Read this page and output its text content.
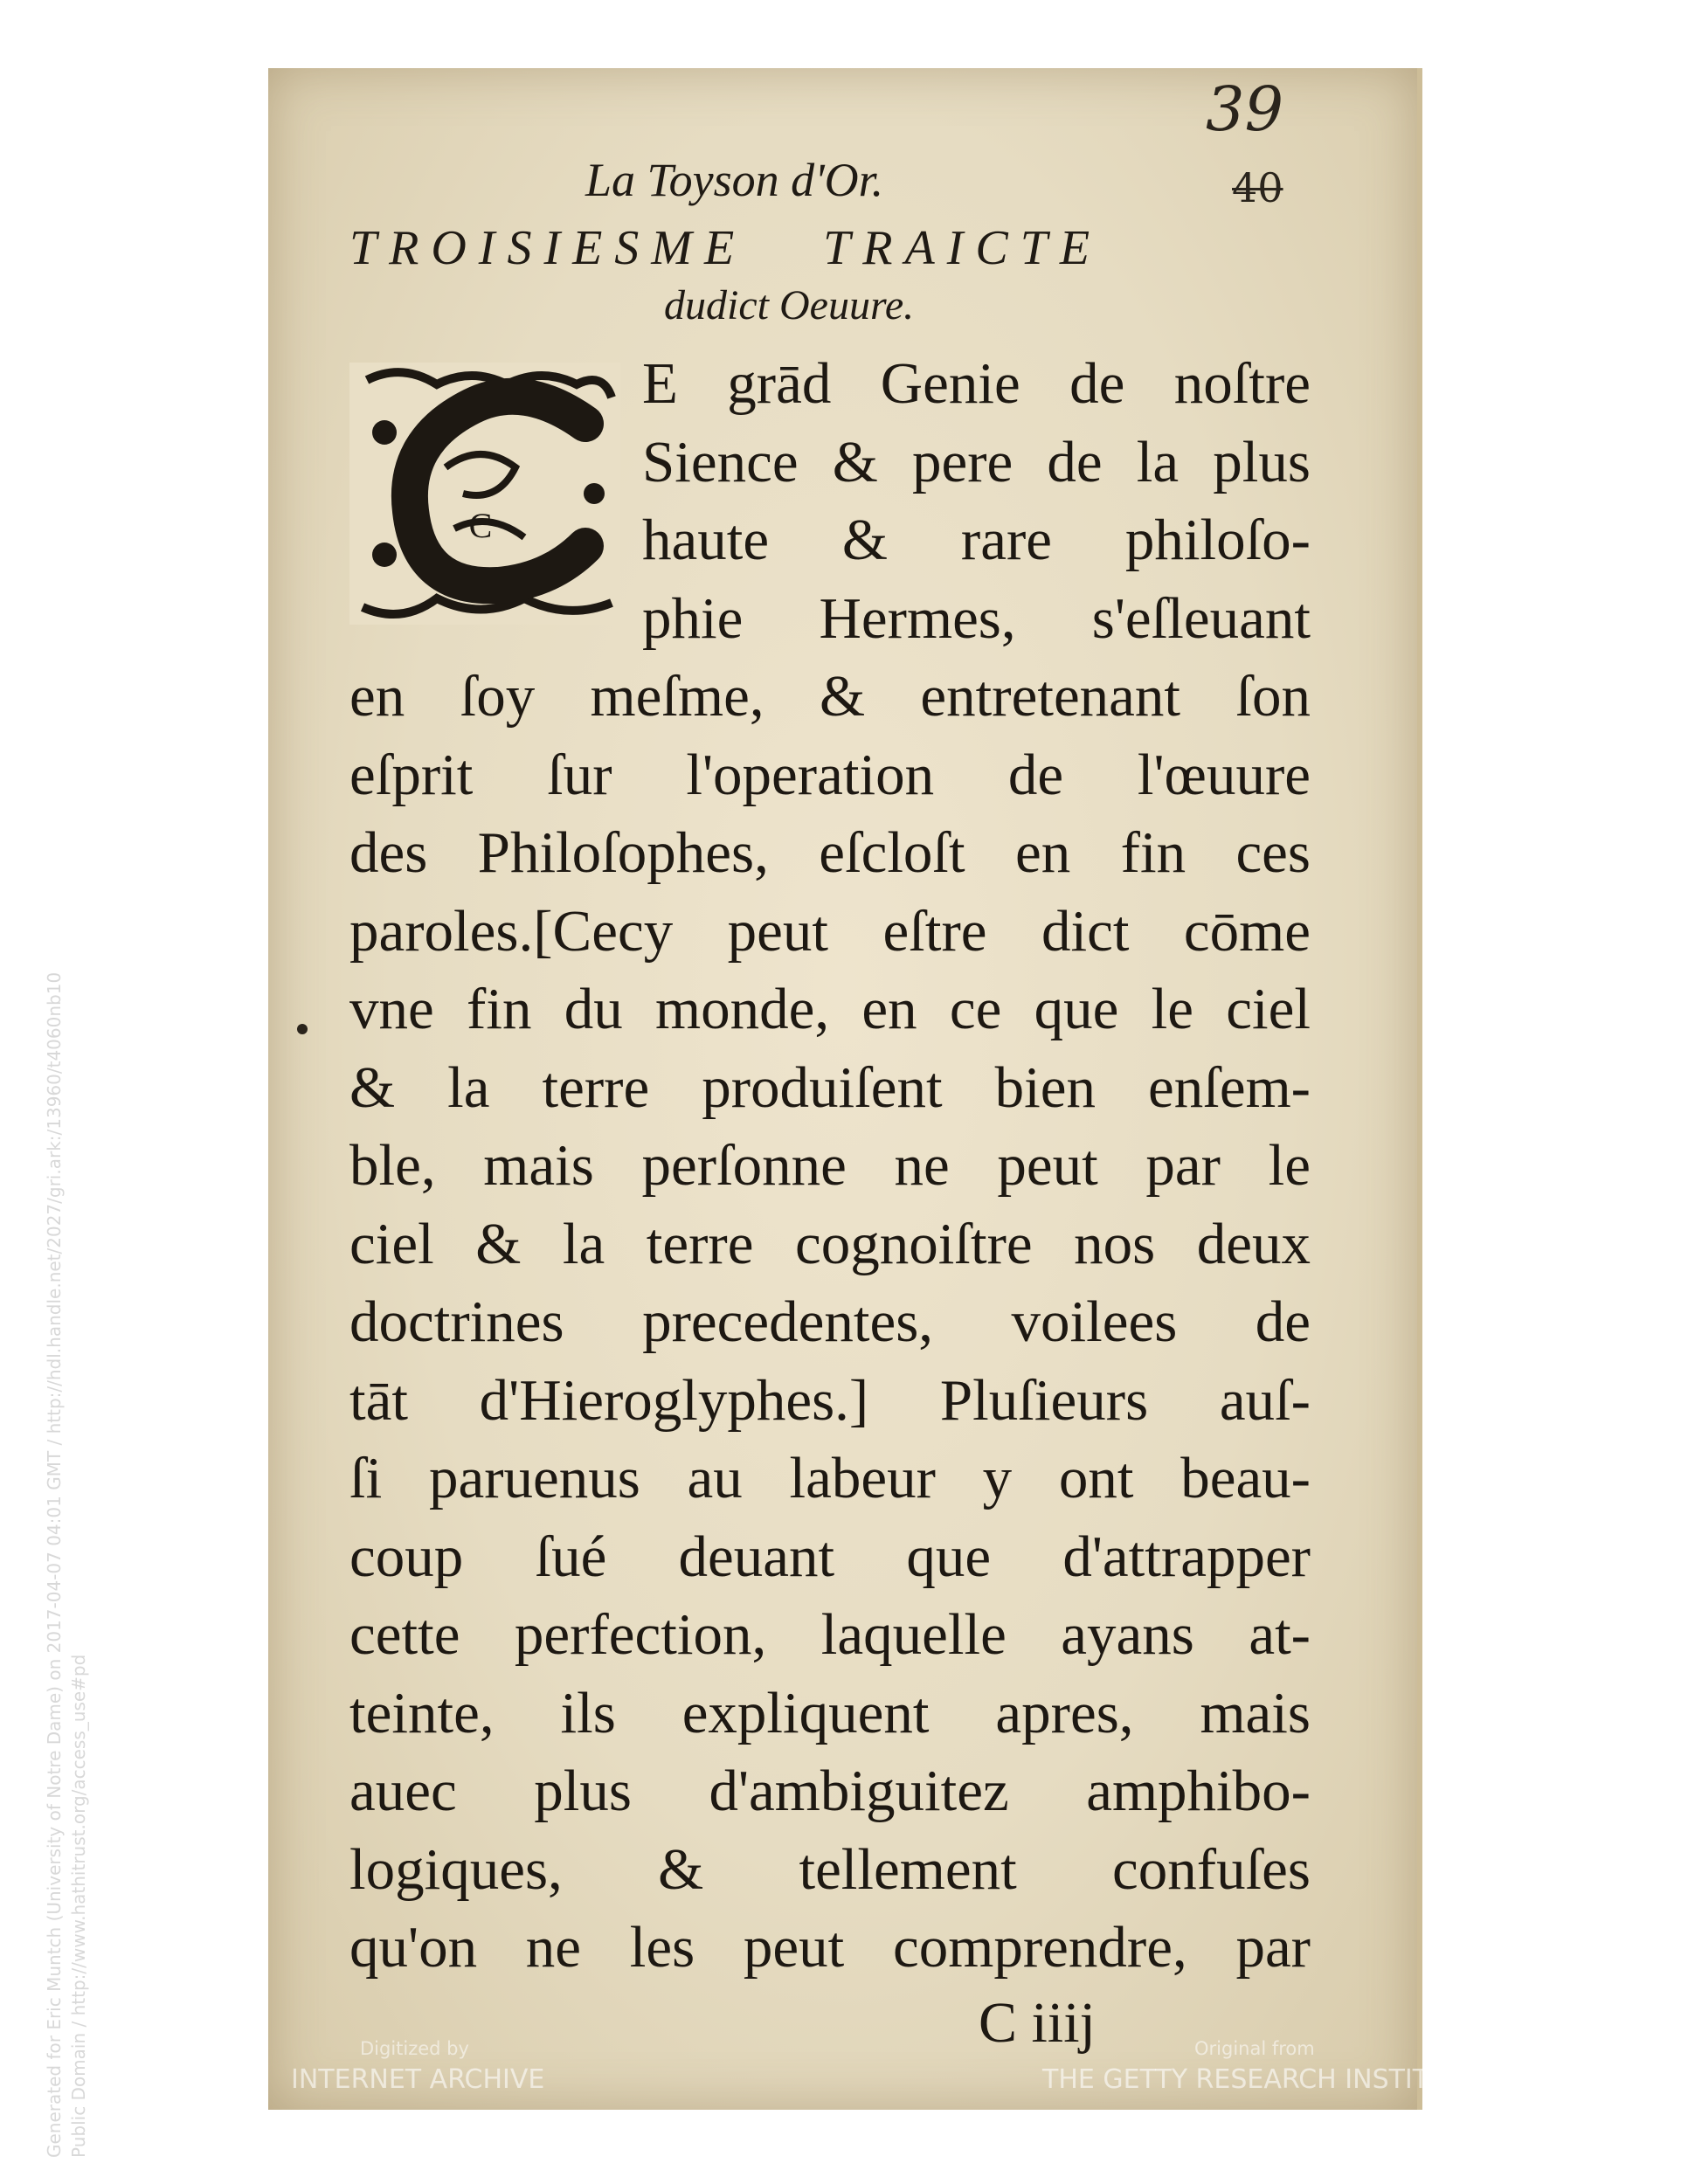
39
40
La Toyson d'Or.
TROISIESME TRAICTE
dudict Oeuure.
C
E grād Genie de noſtre
Sience & pere de la plus
haute & rare philoſo-
phie Hermes, s'eſleuant
en ſoy meſme, & entretenant ſon
eſprit ſur l'operation de l'œuure
des Philoſophes, eſcloſt en fin ces
paroles.[Cecy peut eſtre dict cōme
vne fin du monde, en ce que le ciel
& la terre produiſent bien enſem-
ble, mais perſonne ne peut par le
ciel & la terre cognoiſtre nos deux
doctrines precedentes, voilees de
tāt d'Hieroglyphes.] Pluſieurs auſ-
ſi paruenus au labeur y ont beau-
coup ſué deuant que d'attrapper
cette perfection, laquelle ayans at-
teinte, ils expliquent apres, mais
auec plus d'ambiguitez amphibo-
logiques, & tellement confuſes
qu'on ne les peut comprendre, par
C iiij
Digitized by
INTERNET ARCHIVE
Original from
THE GETTY RESEARCH INSTITUTE
Generated for Eric Muntch (University of Notre Dame) on 2017-04-07 04:01 GMT / http://hdl.handle.net/2027/gri.ark:/13960/t4060nb10 Public Domain / http://www.hathitrust.org/access_use#pd
